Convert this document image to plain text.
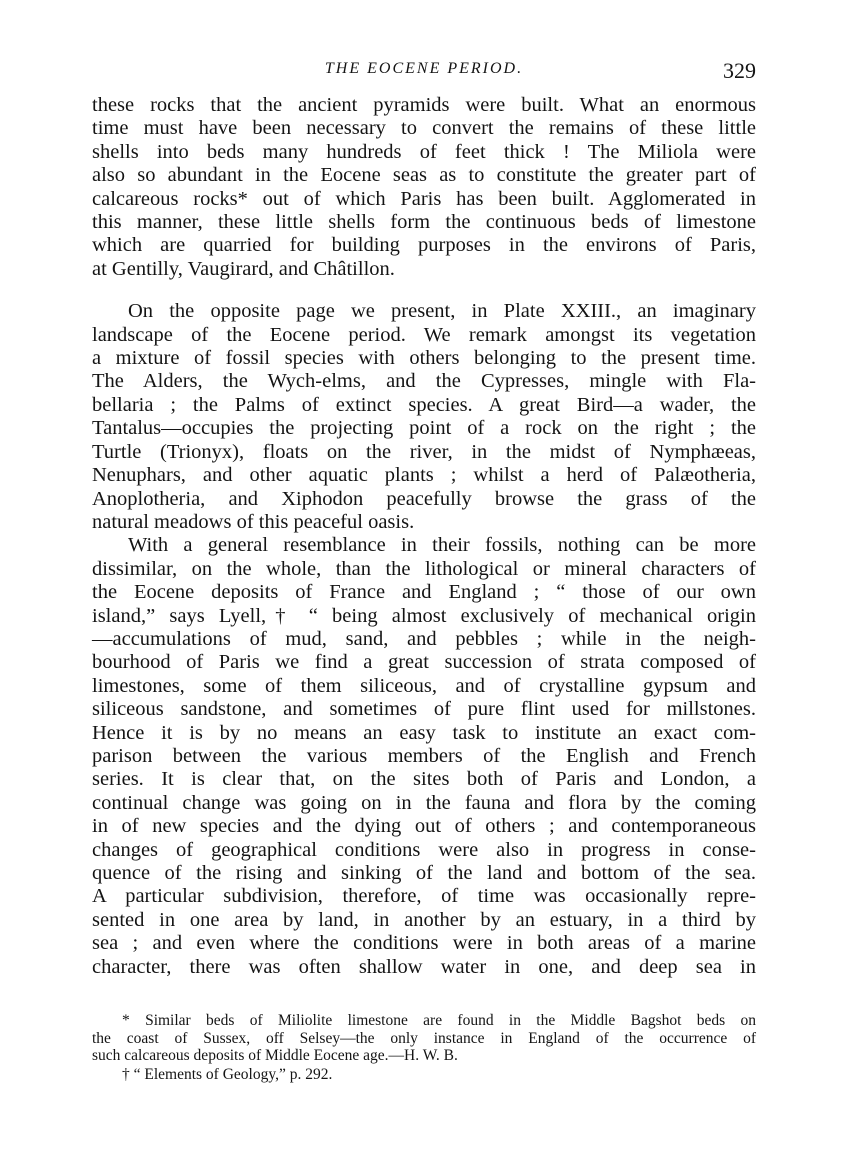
THE EOCENE PERIOD.	329

these rocks that the ancient pyramids were built. What an enormous
time must have been necessary to convert the remains of these little
shells into beds many hundreds of feet thick ! The Miliola were
also so abundant in the Eocene seas as to constitute the greater part of
calcareous rocks* out of which Paris has been built. Agglomerated in
this manner, these little shells form the continuous beds of limestone
which are quarried for building purposes in the environs of Paris,
at Gentilly, Vaugirard, and Châtillon.

On the opposite page we present, in Plate XXIII., an imaginary
landscape of the Eocene period. We remark amongst its vegetation
a mixture of fossil species with others belonging to the present time.
The Alders, the Wych-elms, and the Cypresses, mingle with Fla-
bellaria ; the Palms of extinct species. A great Bird—a wader, the
Tantalus—occupies the projecting point of a rock on the right ; the
Turtle (Trionyx), floats on the river, in the midst of Nymphæeas,
Nenuphars, and other aquatic plants ; whilst a herd of Palæotheria,
Anoplotheria, and Xiphodon peacefully browse the grass of the
natural meadows of this peaceful oasis.

With a general resemblance in their fossils, nothing can be more
dissimilar, on the whole, than the lithological or mineral characters of
the Eocene deposits of France and England ; “ those of our own
island,” says Lyell,† “ being almost exclusively of mechanical origin
—accumulations of mud, sand, and pebbles ; while in the neigh-
bourhood of Paris we find a great succession of strata composed of
limestones, some of them siliceous, and of crystalline gypsum and
siliceous sandstone, and sometimes of pure flint used for millstones.
Hence it is by no means an easy task to institute an exact com-
parison between the various members of the English and French
series. It is clear that, on the sites both of Paris and London, a
continual change was going on in the fauna and flora by the coming
in of new species and the dying out of others ; and contemporaneous
changes of geographical conditions were also in progress in conse-
quence of the rising and sinking of the land and bottom of the sea.
A particular subdivision, therefore, of time was occasionally repre-
sented in one area by land, in another by an estuary, in a third by
sea ; and even where the conditions were in both areas of a marine
character, there was often shallow water in one, and deep sea in

* Similar beds of Miliolite limestone are found in the Middle Bagshot beds on
the coast of Sussex, off Selsey—the only instance in England of the occurrence of
such calcareous deposits of Middle Eocene age.—H. W. B.

† “ Elements of Geology,” p. 292.
